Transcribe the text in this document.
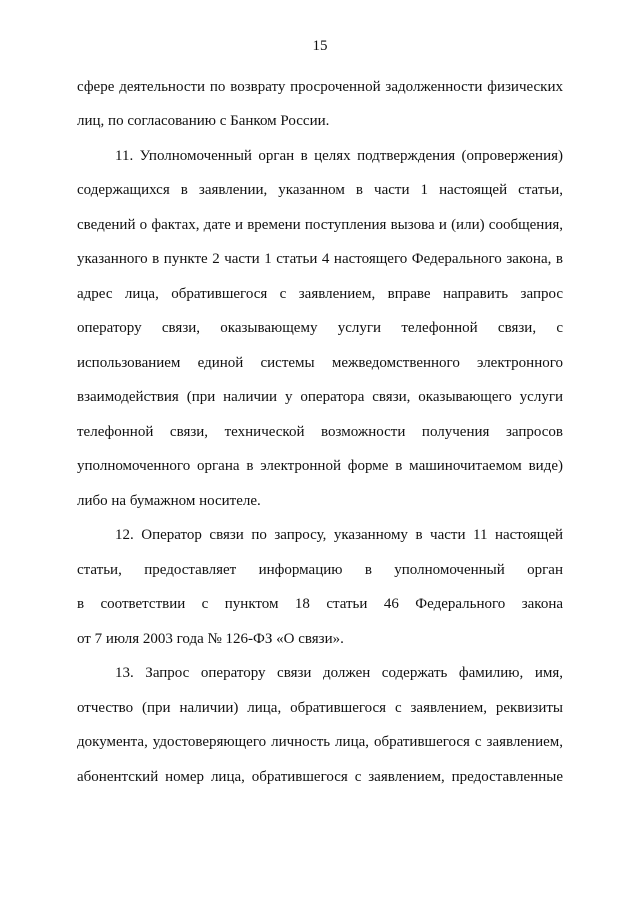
15
сфере деятельности по возврату просроченной задолженности физических
лиц, по согласованию с Банком России.
11. Уполномоченный орган в целях подтверждения (опровержения)
содержащихся в заявлении, указанном в части 1 настоящей статьи,
сведений о фактах, дате и времени поступления вызова и (или) сообщения,
указанного в пункте 2 части 1 статьи 4 настоящего Федерального закона, в
адрес лица, обратившегося с заявлением, вправе направить запрос
оператору связи, оказывающему услуги телефонной связи, с
использованием единой системы межведомственного электронного
взаимодействия (при наличии у оператора связи, оказывающего услуги
телефонной связи, технической возможности получения запросов
уполномоченного органа в электронной форме в машиночитаемом виде)
либо на бумажном носителе.
12. Оператор связи по запросу, указанному в части 11 настоящей
статьи, предоставляет информацию в уполномоченный орган
в соответствии с пунктом 18 статьи 46 Федерального закона
от 7 июля 2003 года № 126-ФЗ «О связи».
13. Запрос оператору связи должен содержать фамилию, имя,
отчество (при наличии) лица, обратившегося с заявлением, реквизиты
документа, удостоверяющего личность лица, обратившегося с заявлением,
абонентский номер лица, обратившегося с заявлением, предоставленные
